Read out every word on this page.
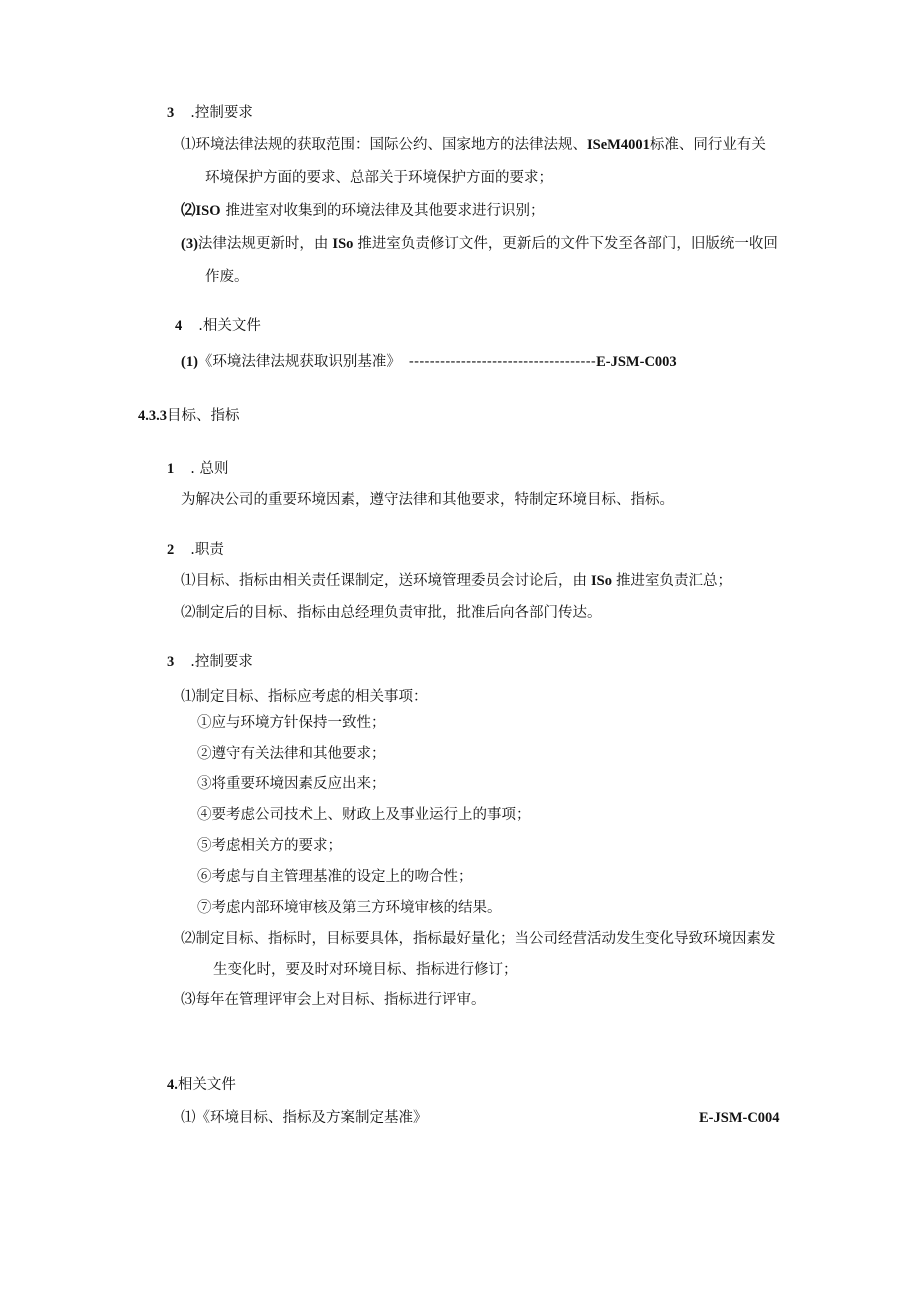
3 .控制要求
⑴环境法律法规的获取范围：国际公约、国家地方的法律法规、ISeM4001标准、同行业有关
环境保护方面的要求、总部关于环境保护方面的要求；
⑵ISO 推进室对收集到的环境法律及其他要求进行识别；
(3)法律法规更新时，由 ISo 推进室负责修订文件，更新后的文件下发至各部门，旧版统一收回
作废。
4 .相关文件
(1)《环境法律法规获取识别基准》 ------------------------------------E-JSM-C003
4.3.3目标、指标
1 . 总则
为解决公司的重要环境因素，遵守法律和其他要求，特制定环境目标、指标。
2 .职责
⑴目标、指标由相关责任课制定，送环境管理委员会讨论后，由 ISo 推进室负责汇总；
⑵制定后的目标、指标由总经理负责审批，批准后向各部门传达。
3 .控制要求
⑴制定目标、指标应考虑的相关事项：
①应与环境方针保持一致性；
②遵守有关法律和其他要求；
③将重要环境因素反应出来；
④要考虑公司技术上、财政上及事业运行上的事项；
⑤考虑相关方的要求；
⑥考虑与自主管理基准的设定上的吻合性；
⑦考虑内部环境审核及第三方环境审核的结果。
⑵制定目标、指标时，目标要具体，指标最好量化；当公司经营活动发生变化导致环境因素发
生变化时，要及时对环境目标、指标进行修订；
⑶每年在管理评审会上对目标、指标进行评审。
4.相关文件
⑴《环境目标、指标及方案制定基准》	E-JSM-C004
